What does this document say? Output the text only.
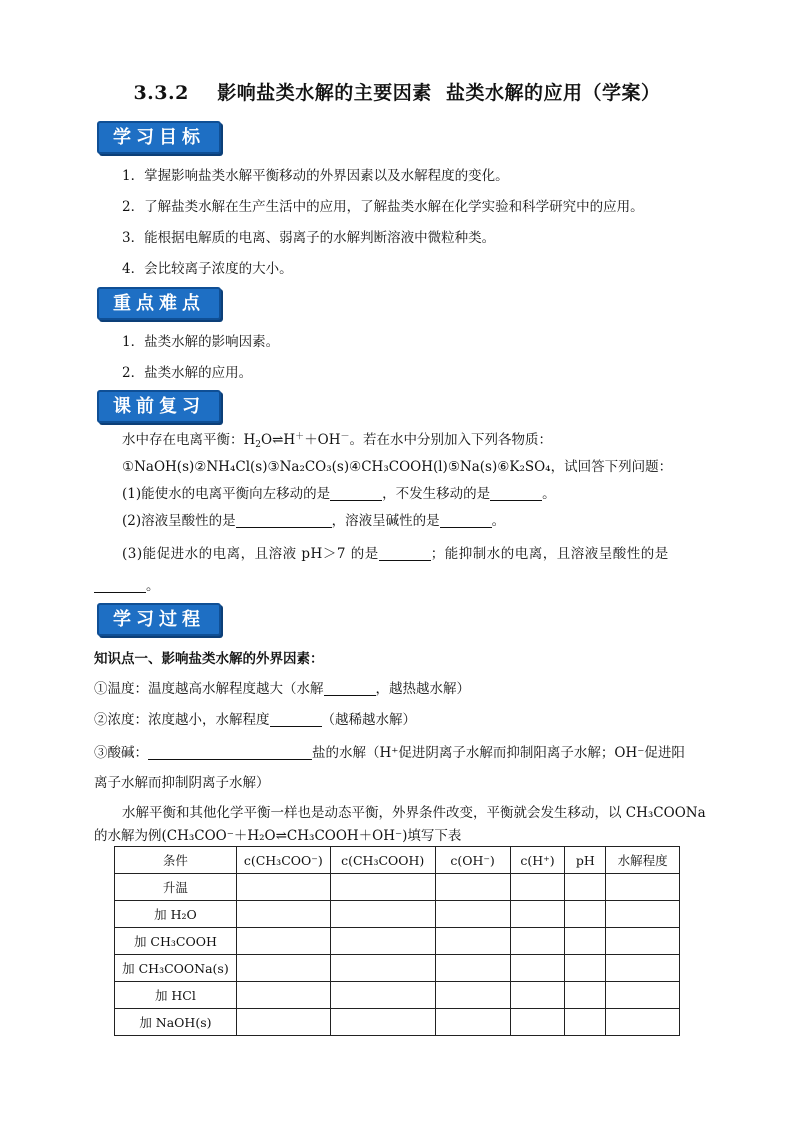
3.3.2    影响盐类水解的主要因素  盐类水解的应用（学案）
学习目标
1．掌握影响盐类水解平衡移动的外界因素以及水解程度的变化。
2．了解盐类水解在生产生活中的应用，了解盐类水解在化学实验和科学研究中的应用。
3．能根据电解质的电离、弱离子的水解判断溶液中微粒种类。
4．会比较离子浓度的大小。
重点难点
1．盐类水解的影响因素。
2．盐类水解的应用。
课前复习
水中存在电离平衡：$H_2O\rightleftharpoons H^++OH^-$。若在水中分别加入下列各物质：
①NaOH(s)②NH₄Cl(s)③Na₂CO₃(s)④CH₃COOH(l)⑤Na(s)⑥K₂SO₄，试回答下列问题：
(1)能使水的电离平衡向左移动的是	，不发生移动的是	。
(2)溶液呈酸性的是	，溶液呈碱性的是	。
(3)能促进水的电离，且溶液 pH＞7 的是	；能抑制水的电离，且溶液呈酸性的是
。
学习过程
知识点一、影响盐类水解的外界因素：
①温度：温度越高水解程度越大（水解	，越热越水解）
②浓度：浓度越小，水解程度	（越稀越水解）
③酸碱：	盐的水解（H⁺促进阴离子水解而抑制阳离子水解；OH⁻促进阳
离子水解而抑制阴离子水解）
水解平衡和其他化学平衡一样也是动态平衡，外界条件改变，平衡就会发生移动，以 CH₃COONa
的水解为例(CH₃COO⁻＋H₂O⇌CH₃COOH＋OH⁻)填写下表
条件	c(CH₃COO⁻)	c(CH₃COOH)	c(OH⁻)	c(H⁺)	pH	水解程度
升温						
加 H₂O						
加 CH₃COOH						
加 CH₃COONa(s)						
加 HCl						
加 NaOH(s)						
